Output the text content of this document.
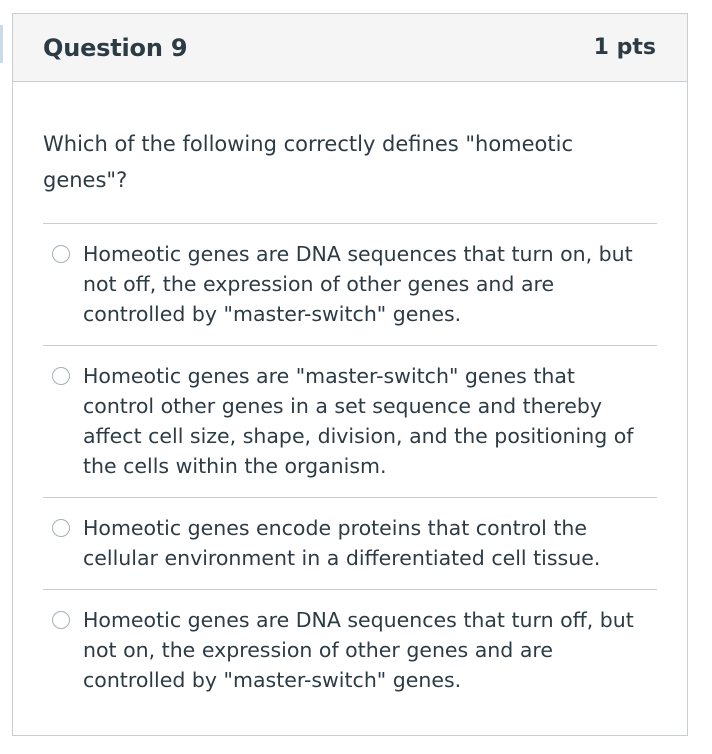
Question 9	1 pts

Which of the following correctly defines "homeotic genes"?

Homeotic genes are DNA sequences that turn on, but not off, the expression of other genes and are controlled by "master-switch" genes.
Homeotic genes are "master-switch" genes that control other genes in a set sequence and thereby affect cell size, shape, division, and the positioning of the cells within the organism.
Homeotic genes encode proteins that control the cellular environment in a differentiated cell tissue.
Homeotic genes are DNA sequences that turn off, but not on, the expression of other genes and are controlled by "master-switch" genes.
